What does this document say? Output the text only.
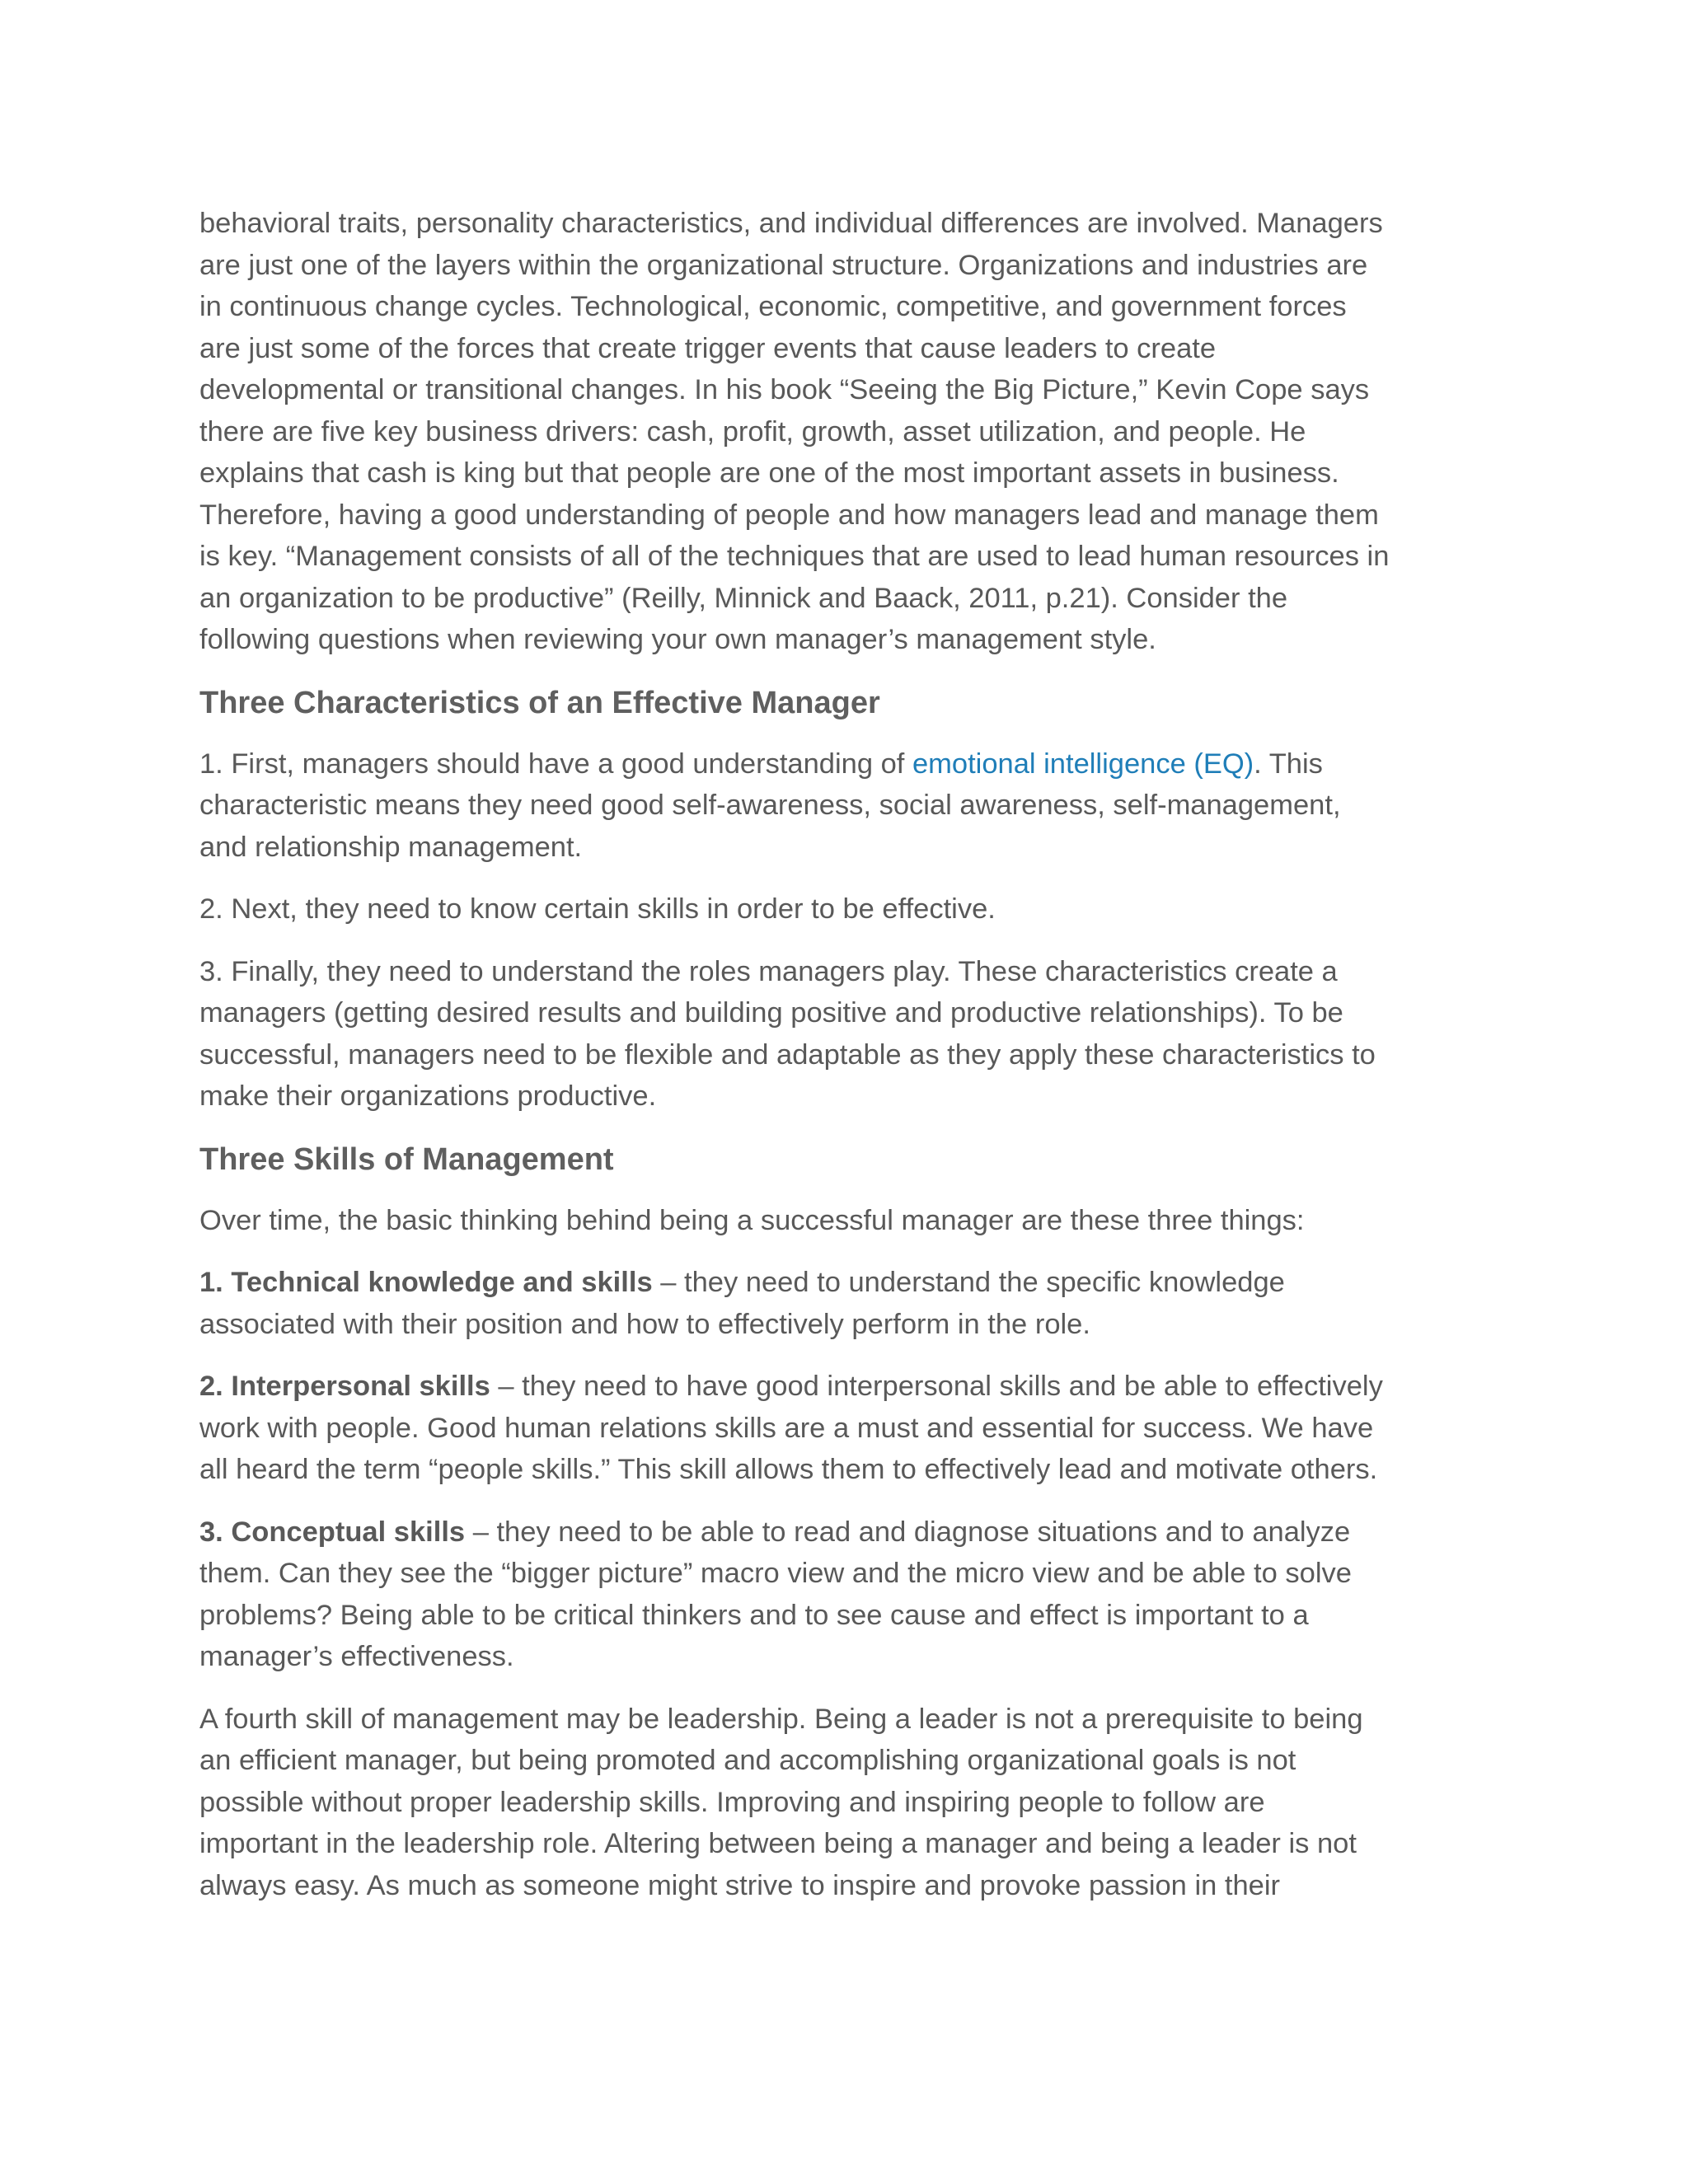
behavioral traits, personality characteristics, and individual differences are involved. Managers are just one of the layers within the organizational structure. Organizations and industries are in continuous change cycles. Technological, economic, competitive, and government forces are just some of the forces that create trigger events that cause leaders to create developmental or transitional changes. In his book “Seeing the Big Picture,” Kevin Cope says there are five key business drivers: cash, profit, growth, asset utilization, and people. He explains that cash is king but that people are one of the most important assets in business. Therefore, having a good understanding of people and how managers lead and manage them is key. “Management consists of all of the techniques that are used to lead human resources in an organization to be productive” (Reilly, Minnick and Baack, 2011, p.21). Consider the following questions when reviewing your own manager’s management style.

Three Characteristics of an Effective Manager

1. First, managers should have a good understanding of emotional intelligence (EQ). This characteristic means they need good self-awareness, social awareness, self-management, and relationship management.

2. Next, they need to know certain skills in order to be effective.

3. Finally, they need to understand the roles managers play. These characteristics create a managers (getting desired results and building positive and productive relationships). To be successful, managers need to be flexible and adaptable as they apply these characteristics to make their organizations productive.

Three Skills of Management

Over time, the basic thinking behind being a successful manager are these three things:

1. Technical knowledge and skills – they need to understand the specific knowledge associated with their position and how to effectively perform in the role.

2. Interpersonal skills – they need to have good interpersonal skills and be able to effectively work with people. Good human relations skills are a must and essential for success. We have all heard the term “people skills.” This skill allows them to effectively lead and motivate others.

3. Conceptual skills – they need to be able to read and diagnose situations and to analyze them. Can they see the “bigger picture” macro view and the micro view and be able to solve problems? Being able to be critical thinkers and to see cause and effect is important to a manager’s effectiveness.

A fourth skill of management may be leadership. Being a leader is not a prerequisite to being an efficient manager, but being promoted and accomplishing organizational goals is not possible without proper leadership skills. Improving and inspiring people to follow are important in the leadership role. Altering between being a manager and being a leader is not always easy. As much as someone might strive to inspire and provoke passion in their
